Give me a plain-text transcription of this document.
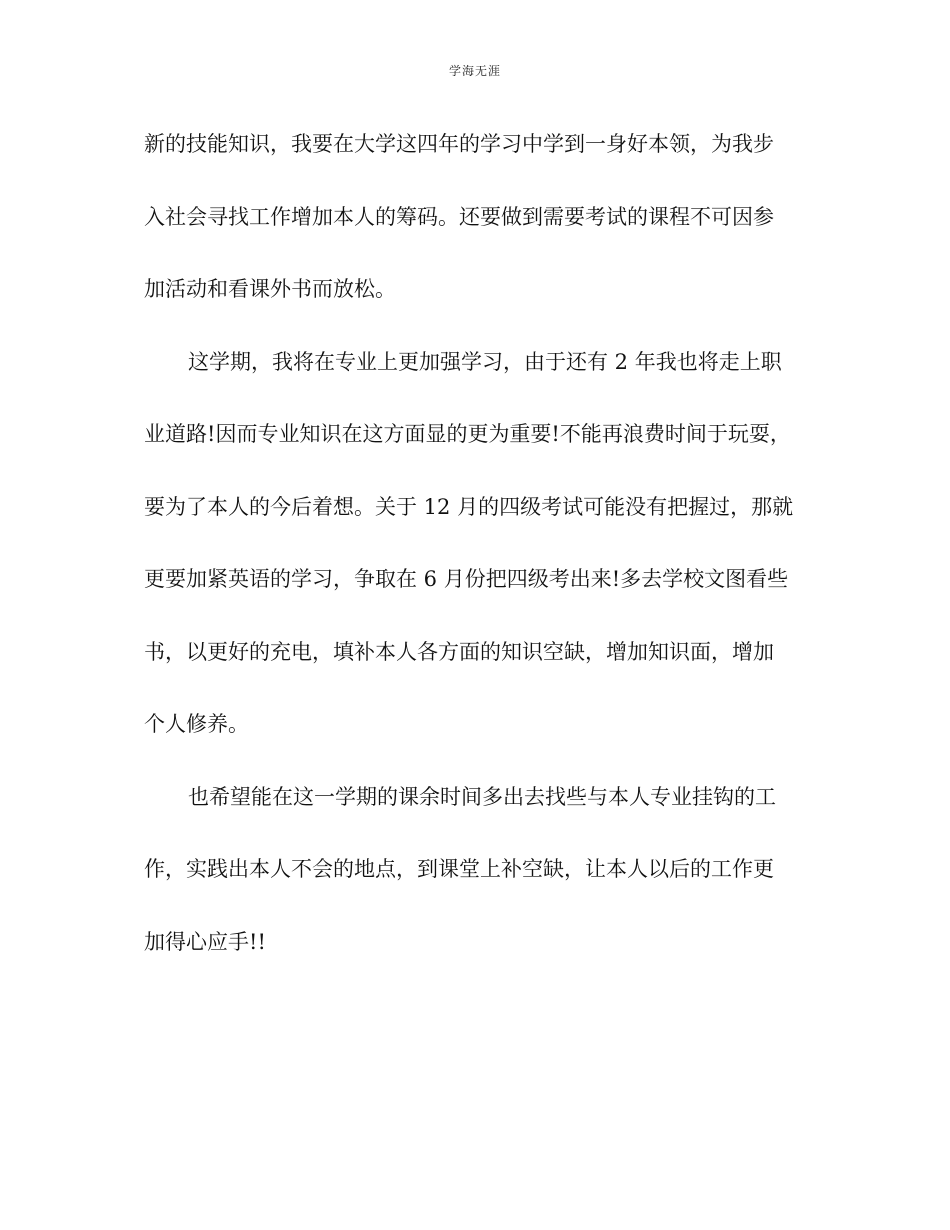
学海无涯
新的技能知识，我要在大学这四年的学习中学到一身好本领，为我步
入社会寻找工作增加本人的筹码。还要做到需要考试的课程不可因参
加活动和看课外书而放松。
这学期，我将在专业上更加强学习，由于还有 2 年我也将走上职
业道路!因而专业知识在这方面显的更为重要!不能再浪费时间于玩耍，
要为了本人的今后着想。关于 12 月的四级考试可能没有把握过，那就
更要加紧英语的学习，争取在 6 月份把四级考出来!多去学校文图看些
书，以更好的充电，填补本人各方面的知识空缺，增加知识面，增加
个人修养。
也希望能在这一学期的课余时间多出去找些与本人专业挂钩的工
作，实践出本人不会的地点，到课堂上补空缺，让本人以后的工作更
加得心应手!!
